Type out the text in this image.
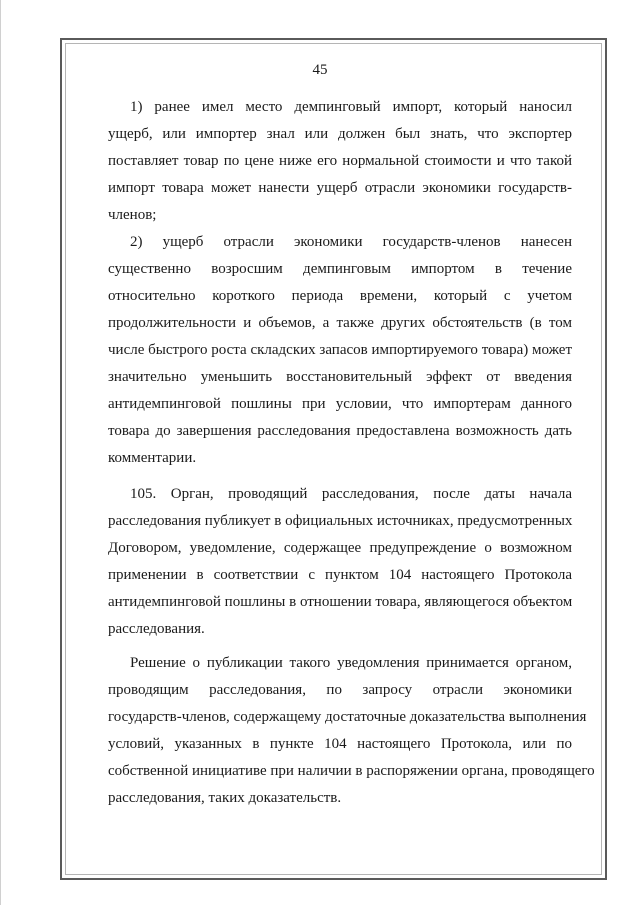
45

1) ранее имел место демпинговый импорт, который наносил
ущерб, или импортер знал или должен был знать, что экспортер
поставляет товар по цене ниже его нормальной стоимости и что такой
импорт товара может нанести ущерб отрасли экономики государств-
членов;

2) ущерб отрасли экономики государств-членов нанесен
существенно возросшим демпинговым импортом в течение
относительно короткого периода времени, который с учетом
продолжительности и объемов, а также других обстоятельств (в том
числе быстрого роста складских запасов импортируемого товара) может
значительно уменьшить восстановительный эффект от введения
антидемпинговой пошлины при условии, что импортерам данного
товара до завершения расследования предоставлена возможность дать
комментарии.

105. Орган, проводящий расследования, после даты начала
расследования публикует в официальных источниках, предусмотренных
Договором, уведомление, содержащее предупреждение о возможном
применении в соответствии с пунктом 104 настоящего Протокола
антидемпинговой пошлины в отношении товара, являющегося объектом
расследования.

Решение о публикации такого уведомления принимается органом,
проводящим расследования, по запросу отрасли экономики
государств-членов, содержащему достаточные доказательства выполнения
условий, указанных в пункте 104 настоящего Протокола, или по
собственной инициативе при наличии в распоряжении органа, проводящего
расследования, таких доказательств.
